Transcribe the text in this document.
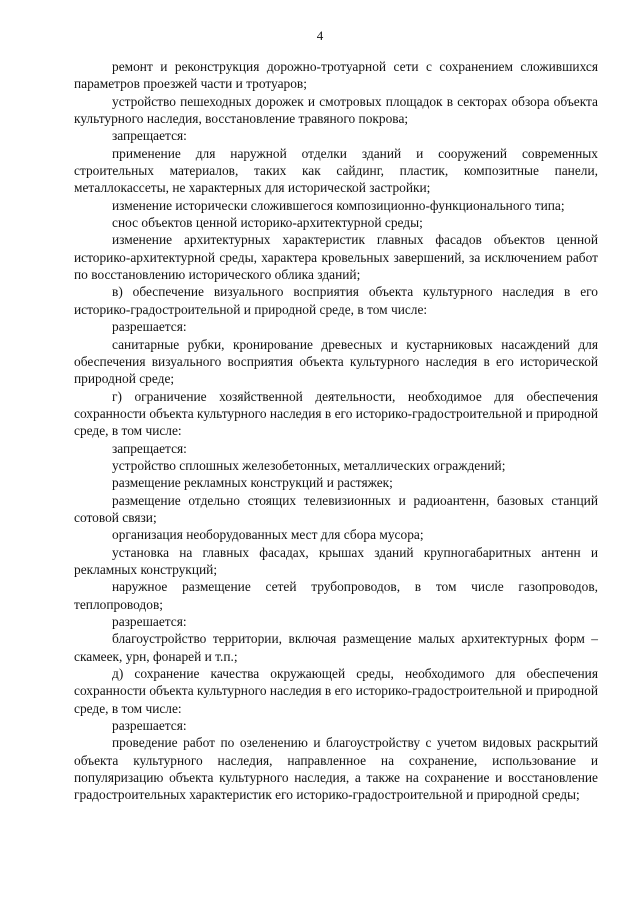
4

ремонт и реконструкция дорожно-тротуарной сети с сохранением сложившихся параметров проезжей части и тротуаров;

устройство пешеходных дорожек и смотровых площадок в секторах обзора объекта культурного наследия, восстановление травяного покрова;

запрещается:

применение для наружной отделки зданий и сооружений современных строительных материалов, таких как сайдинг, пластик, композитные панели, металлокассеты, не характерных для исторической застройки;

изменение исторически сложившегося композиционно-функционального типа;

снос объектов ценной историко-архитектурной среды;

изменение архитектурных характеристик главных фасадов объектов ценной историко-архитектурной среды, характера кровельных завершений, за исключением работ по восстановлению исторического облика зданий;

в) обеспечение визуального восприятия объекта культурного наследия в его историко-градостроительной и природной среде, в том числе:

разрешается:

санитарные рубки, кронирование древесных и кустарниковых насаждений для обеспечения визуального восприятия объекта культурного наследия в его исторической природной среде;

г) ограничение хозяйственной деятельности, необходимое для обеспечения сохранности объекта культурного наследия в его историко-градостроительной и природной среде, в том числе:

запрещается:

устройство сплошных железобетонных, металлических ограждений;

размещение рекламных конструкций и растяжек;

размещение отдельно стоящих телевизионных и радиоантенн, базовых станций сотовой связи;

организация необорудованных мест для сбора мусора;

установка на главных фасадах, крышах зданий крупногабаритных антенн и рекламных конструкций;

наружное размещение сетей трубопроводов, в том числе газопроводов, теплопроводов;

разрешается:

благоустройство территории, включая размещение малых архитектурных форм – скамеек, урн, фонарей и т.п.;

д) сохранение качества окружающей среды, необходимого для обеспечения сохранности объекта культурного наследия в его историко-градостроительной и природной среде, в том числе:

разрешается:

проведение работ по озеленению и благоустройству с учетом видовых раскрытий объекта культурного наследия, направленное на сохранение, использование и популяризацию объекта культурного наследия, а также на сохранение и восстановление градостроительных характеристик его историко-градостроительной и природной среды;
